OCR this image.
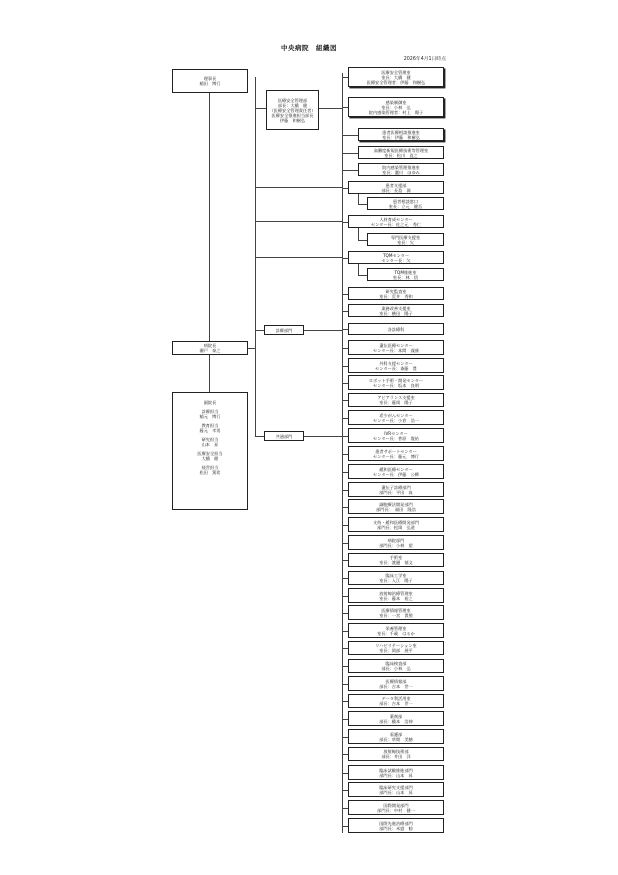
中央病院　組織図
2026年4月1日時点
理事長
稲田　博行
病院長
瀬戸　泰之
副院長
診療担当
稲元　博行
教育担当
藤元　幸男
研究担当
山本　昇
医療安全担当
大橋　健
経営担当
松田　篤希
医療安全管理部
部長：大橋　健
（医療安全管理責任者）
医療安全推進担当部長
伊藤　和樹弘
診療部門
共通部門
医療安全管理室
室長：大橋　健
医療安全管理者：伊藤　和樹弘
感染制御室
室長：小林　弘
院内感染管理者：村上　陽子
患者医療相談推進室
室長：伊藤　和樹弘
高難度新規医療技術等管理室
室長：松川　直之
院内感染管理推進室
室長：瀧川　ほゆみ
患者支援部
部長：長島　満
患者相談窓口
室長：立元　健吾
人材育成センター
センター長：佐之元　秀仁
専門医療支援室
室長：欠
TQMセンター
センター長：欠
TQM推進室
室長：林　悟
研究監査室
室長：荒井　秀和
業務改善支援室
室長：横田　陽子
各診療科
遺伝医療センター
センター長：本間　義康
外科支援センター
センター長：斎藤　豊
ロボット手術・開発センター
センター長：坂本　良明
アピアランス支援室
室長：藤岡　陽子
希少がんセンター
センター長：小倉　浩一
IVRセンター
センター長：菅原　俊祐
患者サポートセンター
センター長：藤元　博行
緩和医療センター
センター長：伊藤　公輝
遺伝子診療部門
部門長：平田　真
細胞療法開発部門
部門長：　福田　隆浩
支持・緩和医療開発部門
部門長：松岡　弘道
病院部門
部門長：小林　望
手術室
室長：渡邊　郁文
臨床工学室
室長：入江　陽子
放射線治療管理室
室長：藤本　裕之
医療情報管理室
室長：一宮　貴照
栄養管理室
室長：千歳　はるか
リハビリテーション室
室長：岡部　展平
臨床検査部
部長：小林　弘
医療情報部
部長：吉本　世一
データ利活用室
部長：吉本　世一
薬剤部
部長：橋本　浩伸
看護部
部長：草間　美穂
放射線技術部
部長：井田　洋
臨床試験推進部門
部門長：山本　昇
臨床研究支援部門
部門長：山本　昇
国際開発部門
部門長：中村　健一
国際先進治療部門
部門長：米盛　勧
